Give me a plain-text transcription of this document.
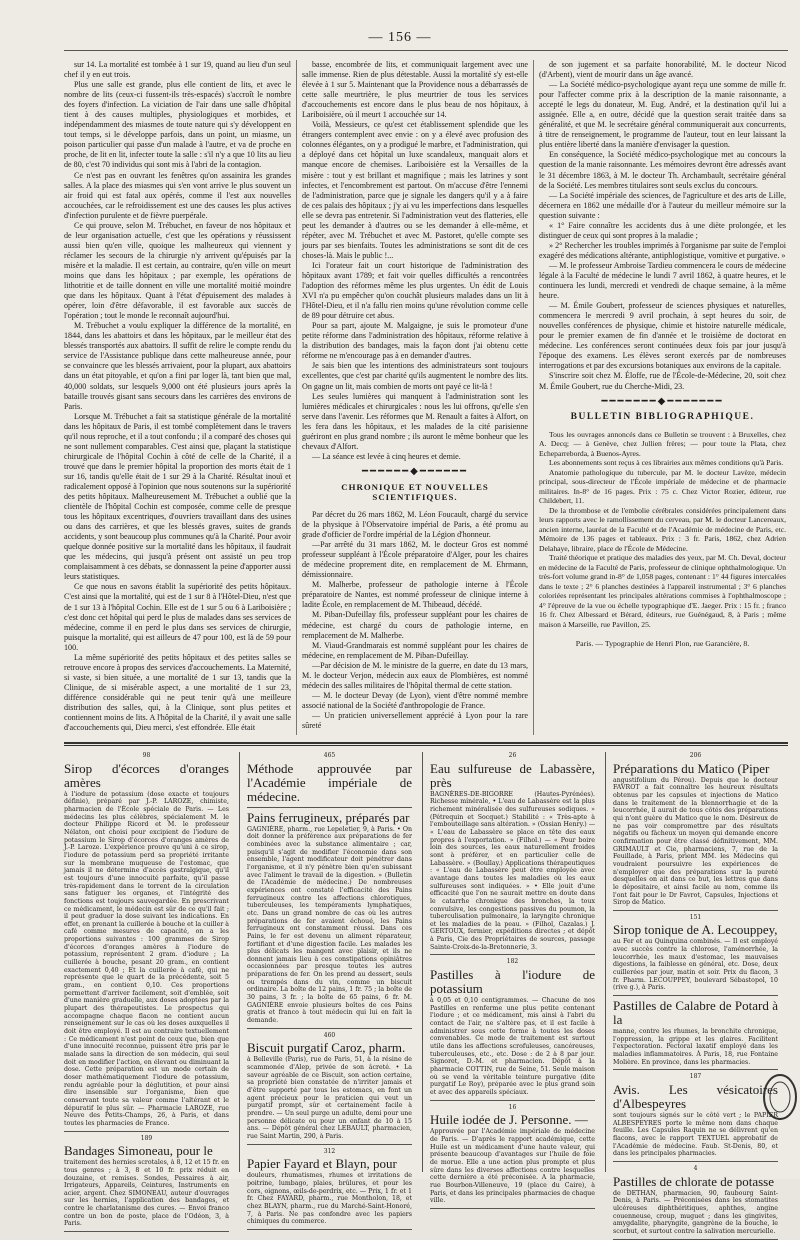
— 156 —

sur 14. La mortalité est tombée à 1 sur 19, quand au lieu d'un seul chef il y en eut trois.

Plus une salle est grande, plus elle contient de lits, et avec le nombre de lits (ceux-ci fussent-ils très-espacés) s'accroît le nombre des foyers d'infection. La viciation de l'air dans une salle d'hôpital tient à des causes multiples, physiologiques et morbides, et indépendamment des miasmes de toute nature qui s'y développent en tout temps, si le développe parfois, dans un point, un miasme, un poison particulier qui passe d'un malade à l'autre, et va de proche en proche, de lit en lit, infecter toute la salle : s'il n'y a que 10 lits au lieu de 80, c'est 70 individus qui sont mis à l'abri de la contagion.

Ce n'est pas en ouvrant les fenêtres qu'on assainira les grandes salles. A la place des miasmes qui s'en vont arrive le plus souvent un air froid qui est fatal aux opérés, comme il l'est aux nouvelles accouchées, car le refroidissement est une des causes les plus actives d'infection purulente et de fièvre puerpérale.

Ce qui prouve, selon M. Trébuchet, en faveur de nos hôpitaux et de leur organisation actuelle, c'est que les opérations y réussissent aussi bien qu'en ville, quoique les malheureux qui viennent y réclamer les secours de la chirurgie n'y arrivent qu'épuisés par la misère et la maladie. Il est certain, au contraire, qu'en ville on meurt moins que dans les hôpitaux ; par exemple, les opérations de lithotritie et de taille donnent en ville une mortalité moitié moindre que dans les hôpitaux. Quant à l'état d'épuisement des malades à opérer, loin d'être défavorable, il est favorable aux succès de l'opération ; tout le monde le reconnaît aujourd'hui.

M. Trébuchet a voulu expliquer la différence de la mortalité, en 1844, dans les abattoirs et dans les hôpitaux, par le meilleur état des blessés transportés aux abattoirs. Il suffit de relire le compte rendu du service de l'Assistance publique dans cette malheureuse année, pour se convaincre que les blessés arrivaient, pour la plupart, aux abattoirs dans un état pitoyable, et qu'on a fini par loger là, tant bien que mal, 40,000 soldats, sur lesquels 9,000 ont été plusieurs jours après la bataille trouvés gisant sans secours dans les carrières des environs de Paris.

Lorsque M. Trébuchet a fait sa statistique générale de la mortalité dans les hôpitaux de Paris, il est tombé complètement dans le travers qu'il nous reproche, et il a tout confondu ; il a comparé des choses qui ne sont nullement comparables. C'est ainsi que, plaçant la statistique chirurgicale de l'hôpital Cochin à côté de celle de la Charité, il a trouvé que dans le premier hôpital la proportion des morts était de 1 sur 16, tandis qu'elle était de 1 sur 29 à la Charité. Résultat inouï et radicalement opposé à l'opinion que nous soutenons sur la supériorité des petits hôpitaux. Malheureusement M. Trébuchet a oublié que la clientèle de l'hôpital Cochin est composée, comme celle de presque tous les hôpitaux excentriques, d'ouvriers travaillant dans des usines ou dans des carrières, et que les blessés graves, suites de grands accidents, y sont beaucoup plus communes qu'à la Charité. Pour avoir quelque donnée positive sur la mortalité dans les hôpitaux, il faudrait que les médecins, qui jusqu'à présent ont assisté un peu trop complaisamment à ces débats, se donnassent la peine d'apporter aussi leurs statistiques.

Ce que nous en savons établit la supériorité des petits hôpitaux. C'est ainsi que la mortalité, qui est de 1 sur 8 à l'Hôtel-Dieu, n'est que de 1 sur 13 à l'hôpital Cochin. Elle est de 1 sur 5 ou 6 à Lariboisière ; c'est donc cet hôpital qui perd le plus de malades dans ses services de médecine, comme il en perd le plus dans ses services de chirurgie, puisque la mortalité, qui est ailleurs de 47 pour 100, est là de 59 pour 100.

La même supériorité des petits hôpitaux et des petites salles se retrouve encore à propos des services d'accouchements. La Maternité, si vaste, si bien située, a une mortalité de 1 sur 13, tandis que la Clinique, de si misérable aspect, a une mortalité de 1 sur 23, différence considérable qui ne peut tenir qu'à une meilleure distribution des salles, qui, à la Clinique, sont plus petites et contiennent moins de lits. A l'hôpital de la Charité, il y avait une salle d'accouchements qui, Dieu merci, s'est effondrée. Elle était

basse, encombrée de lits, et communiquait largement avec une salle immense. Rien de plus détestable. Aussi la mortalité s'y est-elle élevée à 1 sur 5. Maintenant que la Providence nous a débarrassés de cette salle meurtrière, le plus meurtrier de tous les services d'accouchements est encore dans le plus beau de nos hôpitaux, à Lariboisière, où il meurt 1 accouchée sur 14.

Voilà, Messieurs, ce qu'est cet établissement splendide que les étrangers contemplent avec envie : on y a élevé avec profusion des colonnes élégantes, on y a prodigué le marbre, et l'administration, qui a déployé dans cet hôpital un luxe scandaleux, manquait alors et manque encore de chemises. Lariboisière est la Versailles de la misère : tout y est brillant et magnifique ; mais les latrines y sont infectes, et l'encombrement est partout. On m'accuse d'être l'ennemi de l'administration, parce que je signale les dangers qu'il y a à faire de ces palais des hôpitaux ; j'y ai vu les imperfections dans lesquelles elle se devra pas entretenir. Si l'administration veut des flatteries, elle peut les demander à d'autres ou se les demander à elle-même, et répéter, avec M. Trébuchet et avec M. Pastoret, qu'elle compte ses jours par ses bienfaits. Toutes les administrations se sont dit de ces choses-là. Mais le public !...

Ici l'orateur fait un court historique de l'administration des hôpitaux avant 1789; et fait voir quelles difficultés a rencontrées l'adoption des réformes même les plus urgentes. Un édit de Louis XVI n'a pu empêcher qu'on couchât plusieurs malades dans un lit à l'Hôtel-Dieu, et il n'a fallu rien moins qu'une révolution comme celle de 89 pour détruire cet abus.

Pour sa part, ajoute M. Malgaigne, je suis le promoteur d'une petite réforme dans l'administration des hôpitaux, réforme relative à la distribution des bandages, mais la façon dont j'ai obtenu cette réforme ne m'encourage pas à en demander d'autres.

Je sais bien que les intentions des administrateurs sont toujours excellentes, que c'est par charité qu'ils augmentent le nombre des lits. On gagne un lit, mais combien de morts ont payé ce lit-là !

Les seules lumières qui manquent à l'administration sont les lumières médicales et chirurgicales : nous les lui offrons, qu'elle s'en serve dans l'avenir. Les réformes que M. Renault a faites à Alfort, on les fera dans les hôpitaux, et les malades de la cité parisienne guériront en plus grand nombre ; ils auront le même bonheur que les chevaux d'Alfort.

— La séance est levée à cinq heures et demie.

━━━━━━◆━━━━━━
CHRONIQUE ET NOUVELLES SCIENTIFIQUES.

Par décret du 26 mars 1862, M. Léon Foucault, chargé du service de la physique à l'Observatoire impérial de Paris, a été promu au grade d'officier de l'ordre impérial de la Légion d'honneur.

—Par arrêté du 31 mars 1862, M. le docteur Gros est nommé professeur suppléant à l'École préparatoire d'Alger, pour les chaires de médecine proprement dite, en remplacement de M. Ehrmann, démissionnaire.

M. Malherbe, professeur de pathologie interne à l'École préparatoire de Nantes, est nommé professeur de clinique interne à ladite École, en remplacement de M. Thibeaud, décédé.

M. Piban-Dufeillay fils, professeur suppléant pour les chaires de médecine, est chargé du cours de pathologie interne, en remplacement de M. Malherbe.

M. Viaud-Grandmarais est nommé suppléant pour les chaires de médecine, en remplacement de M. Piban-Dufeillay.

—Par décision de M. le ministre de la guerre, en date du 13 mars, M. le docteur Verjon, médecin aux eaux de Plombières, est nommé médecin des salles militaires de l'hôpital thermal de cette station.

— M. le docteur Devay (de Lyon), vient d'être nommé membre associé national de la Société d'anthropologie de France.

— Un praticien universellement apprécié à Lyon pour la rare sûreté

de son jugement et sa parfaite honorabilité, M. le docteur Nicod (d'Arbent), vient de mourir dans un âge avancé.

— La Société médico-psychologique ayant reçu une somme de mille fr. pour l'affecter comme prix à la description de la manie raisonnante, a accepté le legs du donateur, M. Eug. André, et la destination qu'il lui a assignée. Elle a, en outre, décidé que la question serait traitée dans sa généralité, et que M. le secrétaire général communiquerait aux concurrents, à titre de renseignement, le programme de l'auteur, tout en leur laissant la plus entière liberté dans la manière d'envisager la question.

En conséquence, la Société médico-psychologique met au concours la question de la manie raisonnante. Les mémoires devront être adressés avant le 31 décembre 1863, à M. le docteur Th. Archambault, secrétaire général de la Société. Les membres titulaires sont seuls exclus du concours.

— La Société impériale des sciences, de l'agriculture et des arts de Lille, décernera en 1862 une médaille d'or à l'auteur du meilleur mémoire sur la question suivante :

« 1° Faire connaître les accidents dus à une diète prolongée, et les distinguer de ceux qui sont propres à la maladie ;

» 2° Rechercher les troubles imprimés à l'organisme par suite de l'emploi exagéré des médications altérante, antiphlogistique, vomitive et purgative. »

— M. le professeur Ambroise Tardieu commencera le cours de médecine légale à la Faculté de médecine le lundi 7 avril 1862, à quatre heures, et le continuera les lundi, mercredi et vendredi de chaque semaine, à la même heure.

— M. Émile Goubert, professeur de sciences physiques et naturelles, commencera le mercredi 9 avril prochain, à sept heures du soir, de nouvelles conférences de physique, chimie et histoire naturelle médicale, pour le premier examen de fin d'année et le troisième de doctorat en médecine. Les conférences seront continuées deux fois par jour jusqu'à l'époque des examens. Les élèves seront exercés par de nombreuses interrogations et par des excursions botaniques aux environs de la capitale.

S'inscrire soit chez M. Éloffe, rue de l'École-de-Médecine, 20, soit chez M. Émile Goubert, rue du Cherche-Midi, 23.

━━━━━━━◆━━━━━━━
BULLETIN BIBLIOGRAPHIQUE.

Tous les ouvrages annoncés dans ce Bulletin se trouvent : à Bruxelles, chez A. Decq; — à Genève, chez Jullien frères; — pour toute la Plata, chez Echeparreborda, à Buenos-Ayres.

Les abonnements sont reçus à ces librairies aux mêmes conditions qu'à Paris.

Anatomie pathologique du tubercule, par M. le docteur Lavèze, médecin principal, sous-directeur de l'École impériale de médecine et de pharmacie militaires. In-8° de 16 pages. Prix : 75 c. Chez Victor Rozier, éditeur, rue Childebert, 11.

De la thrombose et de l'embolie cérébrales considérées principalement dans leurs rapports avec le ramollissement du cerveau, par M. le docteur Lancereaux, ancien interne, lauréat de la Faculté et de l'Académie de médecine de Paris, etc. Mémoire de 136 pages et tableaux. Prix : 3 fr. Paris, 1862, chez Adrien Delahaye, libraire, place de l'École de Médecine.

Traité théorique et pratique des maladies des yeux, par M. Ch. Deval, docteur en médecine de la Faculté de Paris, professeur de clinique ophthalmologique. Un très-fort volume grand in-8° de 1,058 pages, contenant : 1° 44 figures intercalées dans le texte ; 2° 6 planches destinées à l'appareil instrumental ; 3° 6 planches coloriées représentant les principales altérations commises à l'ophthalmoscope ; 4° l'épreuve de la vue ou échelle typographique d'E. Jaeger. Prix : 15 fr. ; franco 16 fr. Chez Albessard et Bérard, éditeurs, rue Guénégaud, 8, à Paris ; même maison à Marseille, rue Pavillon, 25.

Paris. — Typographie de Henri Plon, rue Garancière, 8.
98
Sirop d'écorces d'oranges amères

à l'iodure de potassium (dose exacte et toujours définie), préparé par J.-P. LAROZE, chimiste, pharmacien de l'École spéciale de Paris. — Les médecins les plus célèbres, spécialement M. le docteur Philippe Ricord et M. le professeur Nélaton, ont choisi pour excipient de l'iodure de potassium le Sirop d'écorces d'oranges amères de J.-P. Laroze. L'expérience prouve qu'uni à ce sirop, l'iodure de potassium perd sa propriété irritante sur la membrane muqueuse de l'estomac, que jamais il ne détermine d'accès gastralgique, qu'il est toujours d'une innocuité parfaite, qu'il passe très-rapidement dans le torrent de la circulation sans fatiguer les organes, et l'intégrité des fonctions est toujours sauvegardée. En prescrivant ce médicament, le médecin est sûr de ce qu'il fait ; il peut graduer la dose suivant les indications. En effet, en prenant la cuillerée à bouche et la cuiller à café comme mesures de capacité, on a les proportions suivantes : 100 grammes de Sirop d'écorces d'oranges amères à l'iodure de potassium, représentent 2 gram. d'iodure ; La cuillerée à bouche, pesant 20 gram., en contient exactement 0,40 ; Et la cuillerée à café, qui ne représente que le quart de la précédente, soit 5 gram., en contient 0,10. Ces proportions permettent d'arriver facilement, soit d'emblée, soit d'une manière graduelle, aux doses adoptées par la plupart des thérapeutistes. Le prospectus qui accompagne chaque flacon ne contient aucun renseignement sur le cas où les doses auxquelles il doit être employé. Il est au contraire textuellement : Ce médicament n'est point de ceux que, bien que d'une innocuité reconnue, puissent être pris par le malade sans la direction de son médecin, qui seul doit en modifier l'action, en élevant ou diminuant la dose. Cette préparation est un mode certain de doser mathématiquement l'iodure de potassium, rendu agréable pour la déglutition, et pour ainsi dire insensible sur l'organisme, bien que conservant toute sa valeur comme l'altérant et le dépuratif le plus sûr. — Pharmacie LAROZE, rue Neuve des Petits-Champs, 26, à Paris, et dans toutes les pharmacies de France.

189
Bandages Simoneau, pour le

traitement des hernies scrotales, à 8, 12 et 15 fr. en tous genres ; à 3, 8 et 10 fr. prix réduit en douzaine, et remises. Sondes, Pessaires à air, Irrigateurs, Appareils, Ceintures, Instruments en acier, argent. Chez SIMONEAU, auteur d'ouvrages sur les hernies, l'application des bandages, et contre le charlatanisme des cures. — Envoi franco contre un bon de poste, place de l'Odéon, 3, à Paris.

465
Méthode approuvée par l'Académie impériale de médecine.
Pains ferrugineux, préparés par

GAGNIÈRE, pharm., rue Lepeletier, 9, à Paris. • On doit donner la préférence aux préparations de fer combinées avec la substance alimentaire ; car, puisqu'il s'agit de modifier l'économie dans son ensemble, l'agent modificateur doit pénétrer dans l'organisme, et il n'y pénètre bien qu'en subissant avec l'aliment le travail de la digestion. » (Bulletin de l'Académie de médecine.) De nombreuses expériences ont constaté l'efficacité des Pains ferrugineux contre les affections chlorotiques, tuberculeuses, les tempéraments lymphatiques, etc. Dans un grand nombre de cas où les autres préparations de fer avaient échoué, les Pains ferrugineux ont constamment réussi. Dans ces Pains, le fer est devenu un aliment réparateur, fortifiant et d'une digestion facile. Les malades les plus délicats les mangent avec plaisir, et ils ne donnent jamais lieu à ces constipations opiniâtres occasionnées par presque toutes les autres préparations de fer. On les prend au dessert, seuls ou trempés dans du vin, comme un biscuit ordinaire. La boîte de 12 pains, 1 fr. 75 ; la boîte de 30 pains, 3 fr. ; la boîte de 65 pains, 6 fr. M. GAGNIÈRE envoie plusieurs boîtes de ces Pains gratis et franco à tout médecin qui lui en fait la demande.

460
Biscuit purgatif Caroz, pharm.

à Belleville (Paris), rue de Paris, 51, à la résine de scammonée d'Alep, privée de son âcreté. • La saveur agréable de ce Biscuit, son action certaine, sa propriété bien constatée de n'irriter jamais et d'être supporté par tous les estomacs, en font un agent précieux pour le praticien qui veut un purgatif prompt, sûr et certainement facile à prendre. — Un seul purge un adulte, demi pour une personne délicate ou pour un enfant de 10 à 15 ans. — Dépôt général chez LEBAULT, pharmacien, rue Saint Martin, 290, à Paris.

312
Papier Fayard et Blayn, pour

douleurs, rhumatismes, rhumes et irritations de poitrine, lumbago, plaies, brûlures, et pour les cors, oignons, œils-de-perdrix, etc. — Prix, 1 fr. et 1 fr. Chez FAYARD, pharm., rue Montholon, 18, et chez BLAYN, pharm., rue du Marché-Saint-Honoré, 7, à Paris. Ne pas confondre avec les papiers chimiques du commerce.

26
Eau sulfureuse de Labassère, près

BAGNÈRES-DE-BIGORRE (Hautes-Pyrénées). Richesse minérale, • L'eau de Labassère est la plus richement minéralisée des sulfureuses sodiques. » (Pétrequin et Socquet.) Stabilité : « Très-apte à l'embouteillage sans altération. » (Ossian Henry.) — « L'eau de Labassère se place en tête des eaux propres à l'exportation. » (Filhol.) — « Pour boire loin des sources, les eaux naturellement froides sont à préférer, et en particulier celle de Labassère. » (Boullay.) Applications thérapeutiques : « L'eau de Labassère peut être employée avec avantage dans toutes les maladies où les eaux sulfureuses sont indiquées. » • Elle jouit d'une efficacité que l'on ne saurait mettre en doute dans le catarrhe chronique des bronches, la toux convulsive, les congestions passives du poumon, la tuberculisation pulmonaire, la laryngite chronique et les maladies de la peau. » (Filhol, Cazalas.) J. GERTOUX, fermier, expéditions directes ; et dépôt à Paris, Cie des Propriétaires de sources, passage Sainte-Croix-de-la-Bretonnerie, 3.

182
Pastilles à l'iodure de potassium

à 0,05 et 0,10 centigrammes. — Chacune de nos Pastilles en renferme une plus petite contenant l'iodure ; et ce médicament, mis ainsi à l'abri du contact de l'air, ne s'altère pas, et il est facile à administrer sous cette forme à toutes les doses convenables. Ce mode de traitement est surtout utile dans les affections scrofuleuses, cancéreuses, tuberculeuses, etc., etc. Dose : de 2 à 8 par jour. Signoret, D.-M. et pharmacien. Dépôt à la pharmacie COTTIN, rue de Seine, 51. Seule maison où se vend la véritable teinture purgative (dite purgatif Le Roy), préparée avec le plus grand soin et avec des appareils spéciaux.

16
Huile iodée de J. Personne. —

Approuvée par l'Académie impériale de médecine de Paris. — D'après le rapport académique, cette Huile est un médicament d'une haute valeur, qui présente beaucoup d'avantages sur l'huile de foie de morue. Elle a une action plus prompte et plus sûre dans les diverses affections contre lesquelles cette dernière a été préconisée. A la pharmacie, rue Bourbon-Villeneuve, 19 (place du Caire), à Paris, et dans les principales pharmacies de chaque ville.

206
Préparations du Matico (Piper

angustifolium du Pérou). Depuis que le docteur FAVROT a fait connaître les heureux résultats obtenus par les capsules et injections de Matico dans le traitement de la blennorrhagie et de la leucorrhée, il aurait de tous côtés des préparations qui n'ont guère du Matico que le nom. Désireux de ne pas voir compromettre par des résultats négatifs ou fâcheux un moyen qui demande encore confirmation pour être classé définitivement, MM. GRIMAULT et Cie, pharmaciens, 7, rue de la Feuillade, à Paris, prient MM. les Médecins qui voudraient poursuivre les expériences de n'employer que des préparations sur la pureté desquelles on ait dans ce but, les lettres que dans le dépositaire, et ainsi facile au nom, comme ils l'ont fait pour le Dr Favrot, Capsules, Injections et Sirop de Matico.

151
Sirop tonique de A. Lecouppey,

au Fer et au Quinquina combinés. — Il est employé avec succès contre la chlorose, l'aménorrhée, la leucorrhée, les maux d'estomac, les mauvaises digestions, la faiblesse en général, etc. Dose, deux cuillerées par jour, matin et soir. Prix du flacon, 3 fr. Pharm. LECOUPPEY, boulevard Sébastopol, 10 (rive g.), à Paris.

Pastilles de Calabre de Potard à la

manne, contre les rhumes, la bronchite chronique, l'oppression, la grippe et les glaires. Facilitent l'expectoration. Pectoral laxatif employé dans les maladies inflammatoires. À Paris, 18, rue Fontaine Molière. En province, dans les pharmacies.

187
Avis. Les vésicatoires d'Albespeyres

sont toujours signés sur le côté vert ; le PAPIER ALBESPEYRES porte le même nom dans chaque feuille. Les Capsules Raquin ne se délivrent qu'en flacons, avec le rapport TEXTUEL approbatif de l'Académie de médecine. Faub. St-Denis, 80, et dans les principales pharmacies.

4
Pastilles de chlorate de potasse

de DETHAN, pharmacien, 90, faubourg Saint-Denis, à Paris. — Préconisées dans les stomatites ulcéreuses diphthéritiques, aphthes, angine couenneuse, croup, muguet ; dans les gingivites, amygdalite, pharyngite, gangrène de la bouche, le scorbut, et surtout contre la salivation mercurielle.
